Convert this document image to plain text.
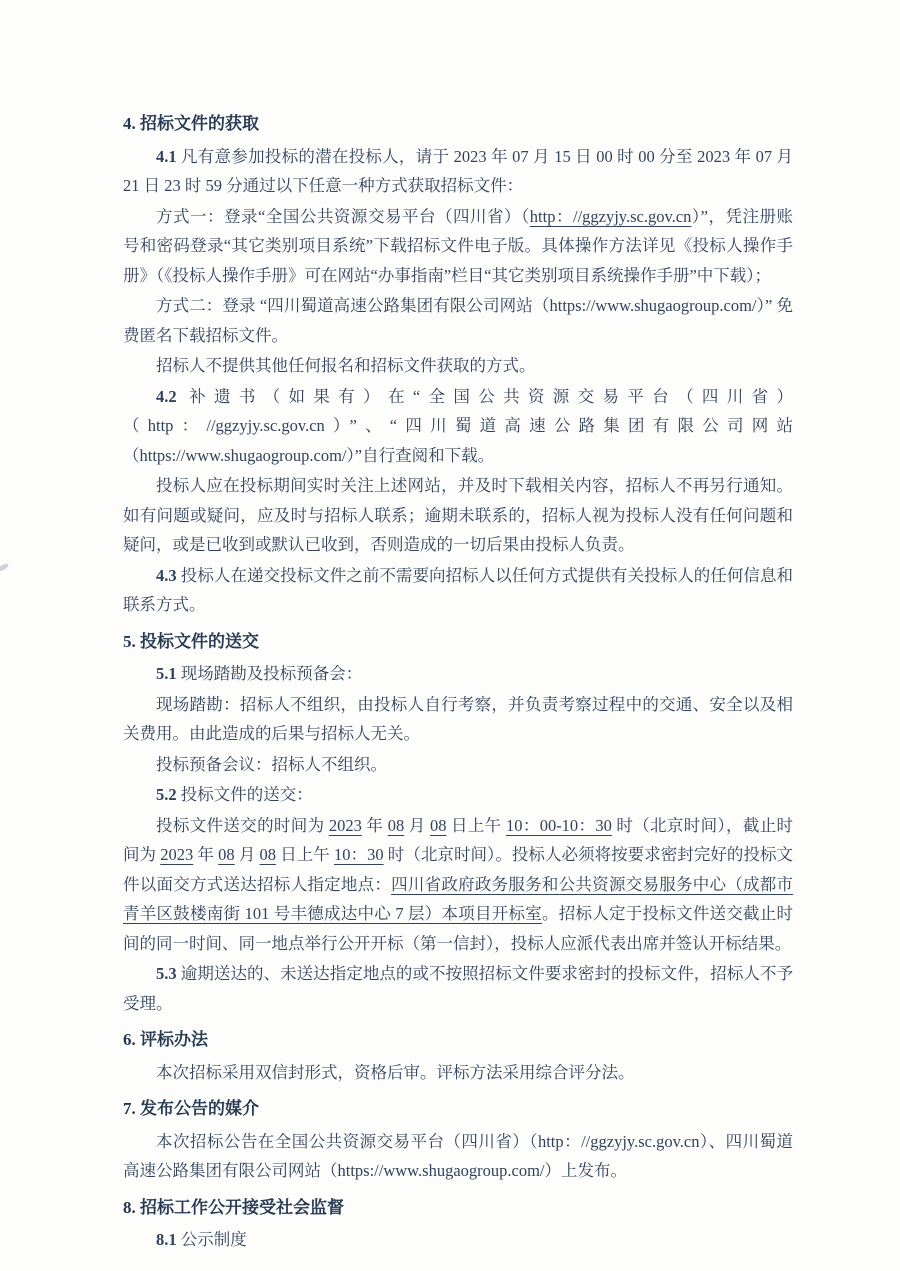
4. 招标文件的获取
4.1 凡有意参加投标的潜在投标人，请于 2023 年 07 月 15 日 00 时 00 分至 2023 年 07 月 21 日 23 时 59 分通过以下任意一种方式获取招标文件：
方式一：登录“全国公共资源交易平台（四川省）（http：//ggzyjy.sc.gov.cn）”，凭注册账号和密码登录“其它类别项目系统”下载招标文件电子版。具体操作方法详见《投标人操作手册》（《投标人操作手册》可在网站“办事指南”栏目“其它类别项目系统操作手册”中下载）；
方式二：登录 “四川蜀道高速公路集团有限公司网站（https://www.shugaogroup.com/）” 免费匿名下载招标文件。
招标人不提供其他任何报名和招标文件获取的方式。
4.2 补遗书（如果有）在“全国公共资源交易平台（四川省）（http：//ggzyjy.sc.gov.cn）”、“四川蜀道高速公路集团有限公司网站（https://www.shugaogroup.com/）”自行查阅和下载。
投标人应在投标期间实时关注上述网站，并及时下载相关内容，招标人不再另行通知。如有问题或疑问，应及时与招标人联系；逾期未联系的，招标人视为投标人没有任何问题和疑问，或是已收到或默认已收到，否则造成的一切后果由投标人负责。
4.3 投标人在递交投标文件之前不需要向招标人以任何方式提供有关投标人的任何信息和联系方式。
5. 投标文件的送交
5.1 现场踏勘及投标预备会：
现场踏勘：招标人不组织，由投标人自行考察，并负责考察过程中的交通、安全以及相关费用。由此造成的后果与招标人无关。
投标预备会议：招标人不组织。
5.2 投标文件的送交：
投标文件送交的时间为 2023 年 08 月 08 日上午 10：00-10：30 时（北京时间），截止时间为 2023 年 08 月 08 日上午 10：30 时（北京时间）。投标人必须将按要求密封完好的投标文件以面交方式送达招标人指定地点：四川省政府政务服务和公共资源交易服务中心（成都市青羊区鼓楼南街 101 号丰德成达中心 7 层）本项目开标室。招标人定于投标文件送交截止时间的同一时间、同一地点举行公开开标（第一信封），投标人应派代表出席并签认开标结果。
5.3 逾期送达的、未送达指定地点的或不按照招标文件要求密封的投标文件，招标人不予受理。
6. 评标办法
本次招标采用双信封形式，资格后审。评标方法采用综合评分法。
7. 发布公告的媒介
本次招标公告在全国公共资源交易平台（四川省）（http：//ggzyjy.sc.gov.cn）、四川蜀道高速公路集团有限公司网站（https://www.shugaogroup.com/）上发布。
8. 招标工作公开接受社会监督
8.1 公示制度
